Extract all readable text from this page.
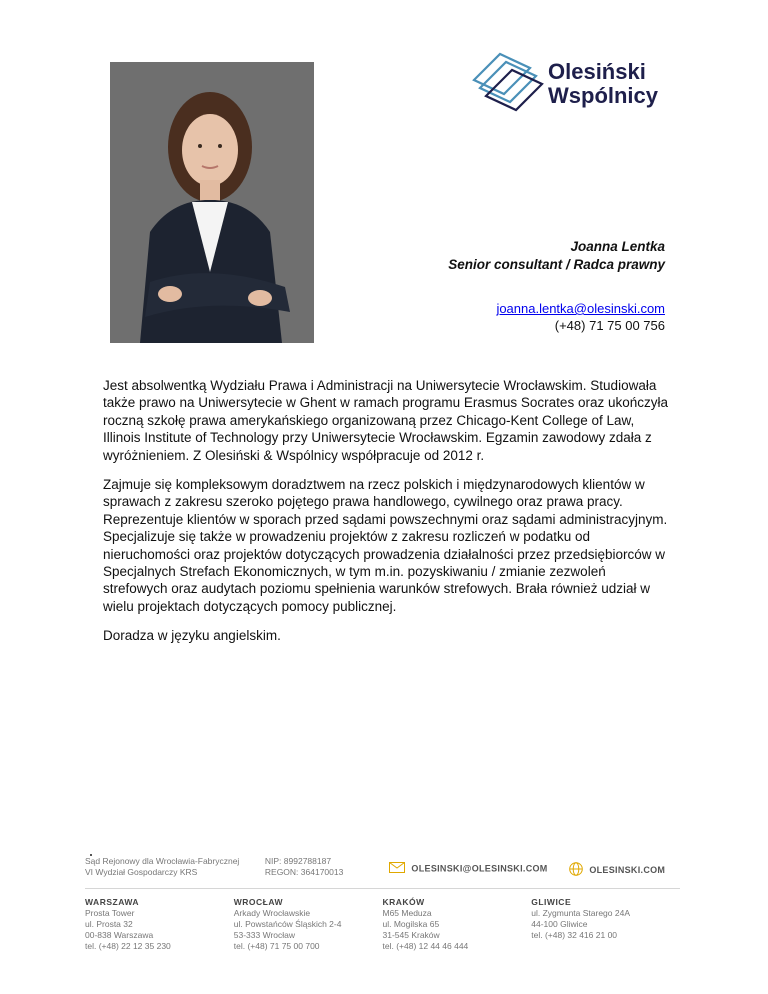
Olesiński
Wspólnicy
Joanna Lentka
Senior consultant / Radca prawny
joanna.lentka@olesinski.com
(+48) 71 75 00 756

Jest absolwentką Wydziału Prawa i Administracji na Uniwersytecie Wrocławskim. Studiowała także prawo na Uniwersytecie w Ghent w ramach programu Erasmus Socrates oraz ukończyła roczną szkołę prawa amerykańskiego organizowaną przez Chicago-Kent College of Law, Illinois Institute of Technology przy Uniwersytecie Wrocławskim. Egzamin zawodowy zdała z wyróżnieniem. Z Olesiński & Wspólnicy współpracuje od 2012 r.

Zajmuje się kompleksowym doradztwem na rzecz polskich i międzynarodowych klientów w sprawach z zakresu szeroko pojętego prawa handlowego, cywilnego oraz prawa pracy. Reprezentuje klientów w sporach przed sądami powszechnymi oraz sądami administracyjnym. Specjalizuje się także w prowadzeniu projektów z zakresu rozliczeń w podatku od nieruchomości oraz projektów dotyczących prowadzenia działalności przez przedsiębiorców w Specjalnych Strefach Ekonomicznych, w tym m.in. pozyskiwaniu / zmianie zezwoleń strefowych oraz audytach poziomu spełnienia warunków strefowych. Brała również udział w wielu projektach dotyczących pomocy publicznej.

Doradza w języku angielskim.

Sąd Rejonowy dla Wrocławia-Fabrycznej
VI Wydział Gospodarczy KRS
NIP: 8992788187
REGON: 364170013	OLESINSKI@OLESINSKI.COM	OLESINSKI.COM
WARSZAWA
Prosta Tower
ul. Prosta 32
00-838 Warszawa
tel. (+48) 22 12 35 230
WROCŁAW
Arkady Wrocławskie
ul. Powstańców Śląskich 2-4
53-333 Wrocław
tel. (+48) 71 75 00 700
KRAKÓW
M65 Meduza
ul. Mogilska 65
31-545 Kraków
tel. (+48) 12 44 46 444
GLIWICE
ul. Zygmunta Starego 24A
44-100 Gliwice
tel. (+48) 32 416 21 00
